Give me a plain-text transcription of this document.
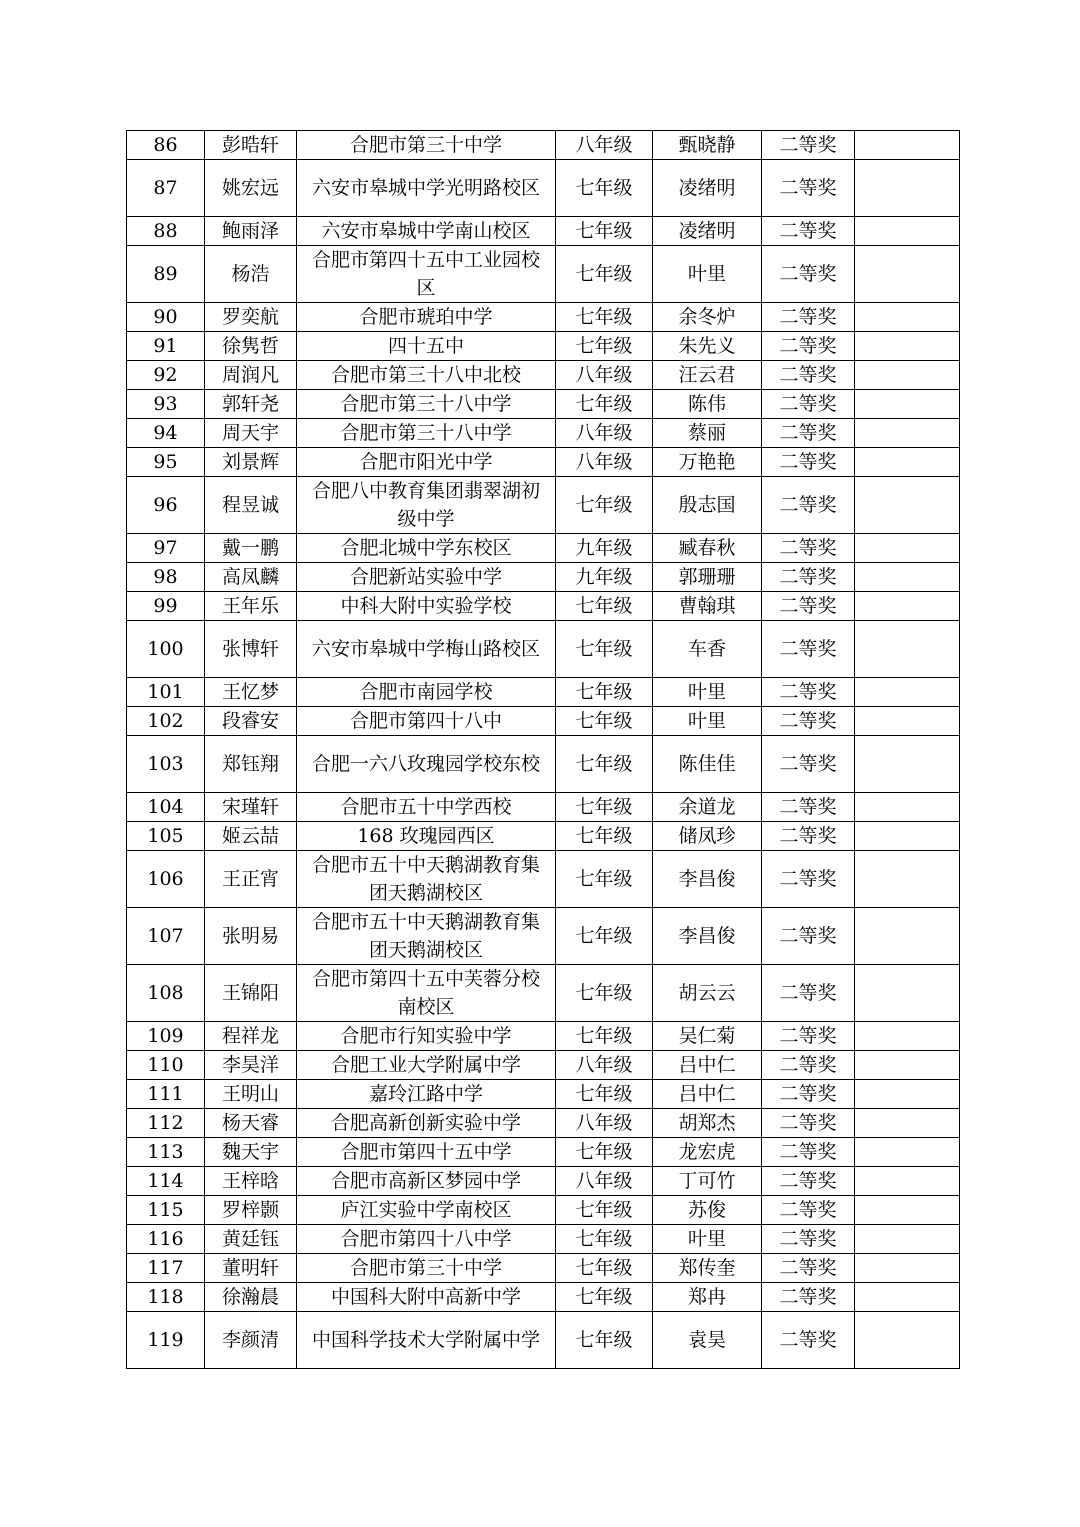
86	彭晧轩	合肥市第三十中学	八年级	甄晓静	二等奖	
87	姚宏远	六安市皋城中学光明路校区	七年级	凌绪明	二等奖	
88	鲍雨泽	六安市皋城中学南山校区	七年级	凌绪明	二等奖	
89	杨浩	合肥市第四十五中工业园校区	七年级	叶里	二等奖	
90	罗奕航	合肥市琥珀中学	七年级	余冬炉	二等奖	
91	徐隽哲	四十五中	七年级	朱先义	二等奖	
92	周润凡	合肥市第三十八中北校	八年级	汪云君	二等奖	
93	郭轩尧	合肥市第三十八中学	七年级	陈伟	二等奖	
94	周天宇	合肥市第三十八中学	八年级	蔡丽	二等奖	
95	刘景辉	合肥市阳光中学	八年级	万艳艳	二等奖	
96	程昱诚	合肥八中教育集团翡翠湖初级中学	七年级	殷志国	二等奖	
97	戴一鹏	合肥北城中学东校区	九年级	臧春秋	二等奖	
98	高凤麟	合肥新站实验中学	九年级	郭珊珊	二等奖	
99	王年乐	中科大附中实验学校	七年级	曹翰琪	二等奖	
100	张博轩	六安市皋城中学梅山路校区	七年级	车香	二等奖	
101	王忆梦	合肥市南园学校	七年级	叶里	二等奖	
102	段睿安	合肥市第四十八中	七年级	叶里	二等奖	
103	郑钰翔	合肥一六八玫瑰园学校东校	七年级	陈佳佳	二等奖	
104	宋瑾轩	合肥市五十中学西校	七年级	余道龙	二等奖	
105	姬云喆	168 玫瑰园西区	七年级	储凤珍	二等奖	
106	王正宵	合肥市五十中天鹅湖教育集团天鹅湖校区	七年级	李昌俊	二等奖	
107	张明易	合肥市五十中天鹅湖教育集团天鹅湖校区	七年级	李昌俊	二等奖	
108	王锦阳	合肥市第四十五中芙蓉分校南校区	七年级	胡云云	二等奖	
109	程祥龙	合肥市行知实验中学	七年级	吴仁菊	二等奖	
110	李昊洋	合肥工业大学附属中学	八年级	吕中仁	二等奖	
111	王明山	嘉玲江路中学	七年级	吕中仁	二等奖	
112	杨天睿	合肥高新创新实验中学	八年级	胡郑杰	二等奖	
113	魏天宇	合肥市第四十五中学	七年级	龙宏虎	二等奖	
114	王梓晗	合肥市高新区梦园中学	八年级	丁可竹	二等奖	
115	罗梓颢	庐江实验中学南校区	七年级	苏俊	二等奖	
116	黄廷钰	合肥市第四十八中学	七年级	叶里	二等奖	
117	董明轩	合肥市第三十中学	七年级	郑传奎	二等奖	
118	徐瀚晨	中国科大附中高新中学	七年级	郑冉	二等奖	
119	李颜清	中国科学技术大学附属中学	七年级	袁昊	二等奖	
